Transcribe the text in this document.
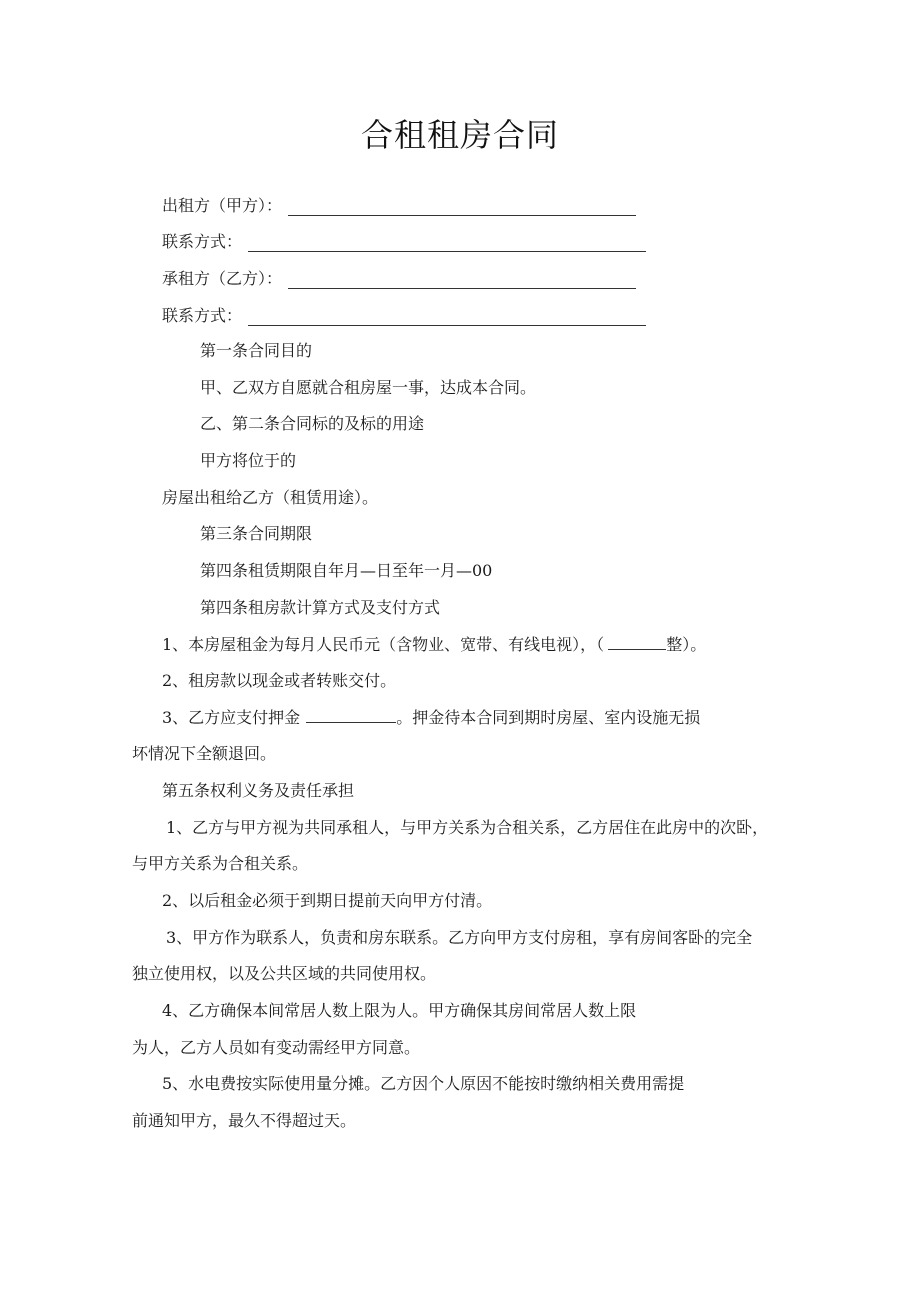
合租租房合同
出租方（甲方）：
联系方式：
承租方（乙方）：
联系方式：
第一条合同目的
甲、乙双方自愿就合租房屋一事，达成本合同。
乙、第二条合同标的及标的用途
甲方将位于的
房屋出租给乙方（租赁用途）。
第三条合同期限
第四条租赁期限自年月—日至年一月—00
第四条租房款计算方式及支付方式
1、本房屋租金为每月人民币元（含物业、宽带、有线电视），（	整）。
2、租房款以现金或者转账交付。
3、乙方应支付押金	。押金待本合同到期时房屋、室内设施无损
坏情况下全额退回。
第五条权利义务及责任承担
1、乙方与甲方视为共同承租人，与甲方关系为合租关系，乙方居住在此房中的次卧，
与甲方关系为合租关系。
2、以后租金必须于到期日提前天向甲方付清。
3、甲方作为联系人，负责和房东联系。乙方向甲方支付房租，享有房间客卧的完全
独立使用权，以及公共区域的共同使用权。
4、乙方确保本间常居人数上限为人。甲方确保其房间常居人数上限
为人，乙方人员如有变动需经甲方同意。
5、水电费按实际使用量分摊。乙方因个人原因不能按时缴纳相关费用需提
前通知甲方，最久不得超过天。
